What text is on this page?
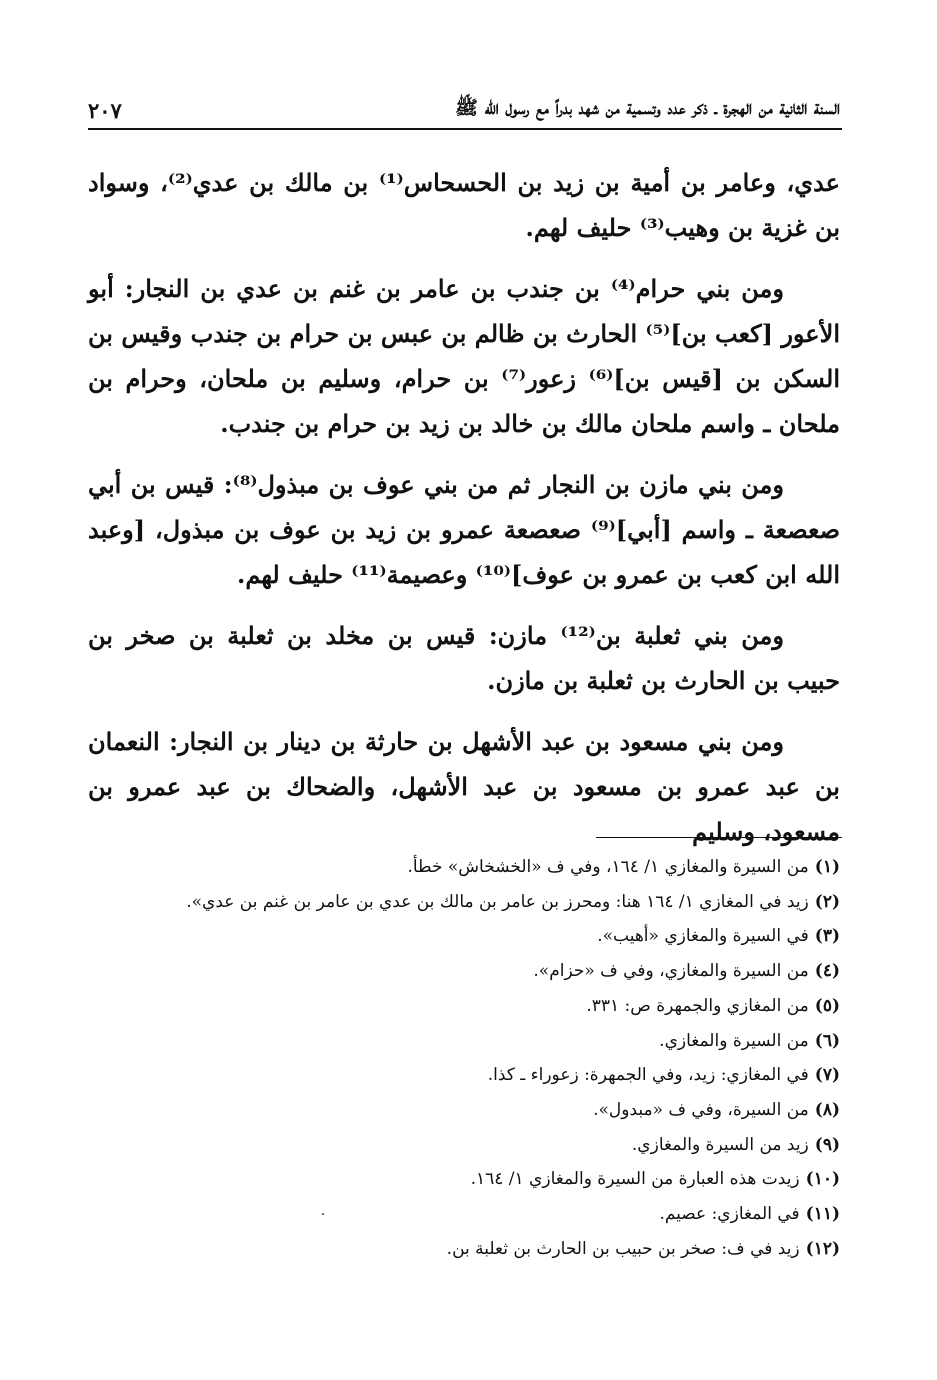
السنة الثانية من الهجرة ـ ذكر عدد وتسمية من شهد بدراً مع رسول الله ﷺ
٢٠٧

عدي، وعامر بن أمية بن زيد بن الحسحاس⁽¹⁾ بن مالك بن عدي⁽²⁾، وسواد بن غزية بن وهيب⁽³⁾ حليف لهم.

ومن بني حرام⁽⁴⁾ بن جندب بن عامر بن غنم بن عدي بن النجار: أبو الأعور [كعب بن]⁽⁵⁾ الحارث بن ظالم بن عبس بن حرام بن جندب وقيس بن السكن بن [قيس بن]⁽⁶⁾ زعور⁽⁷⁾ بن حرام، وسليم بن ملحان، وحرام بن ملحان ـ واسم ملحان مالك بن خالد بن زيد بن حرام بن جندب.

ومن بني مازن بن النجار ثم من بني عوف بن مبذول⁽⁸⁾: قيس بن أبي صعصعة ـ واسم [أبي]⁽⁹⁾ صعصعة عمرو بن زيد بن عوف بن مبذول، [وعبد الله ابن كعب بن عمرو بن عوف]⁽¹⁰⁾ وعصيمة⁽¹¹⁾ حليف لهم.

ومن بني ثعلبة بن⁽¹²⁾ مازن: قيس بن مخلد بن ثعلبة بن صخر بن حبيب بن الحارث بن ثعلبة بن مازن.

ومن بني مسعود بن عبد الأشهل بن حارثة بن دينار بن النجار: النعمان بن عبد عمرو بن مسعود بن عبد الأشهل، والضحاك بن عبد عمرو بن مسعود، وسليم

(١)من السيرة والمغازي ١/ ١٦٤، وفي ف «الخشخاش» خطأ.
(٢)زيد في المغازي ١/ ١٦٤ هنا: ومحرز بن عامر بن مالك بن عدي بن عامر بن غنم بن عدي».
(٣)في السيرة والمغازي «أهيب».
(٤)من السيرة والمغازي، وفي ف «حزام».
(٥)من المغازي والجمهرة ص: ٣٣١.
(٦)من السيرة والمغازي.
(٧)في المغازي: زيد، وفي الجمهرة: زعوراء ـ كذا.
(٨)من السيرة، وفي ف «مبدول».
(٩)زيد من السيرة والمغازي.
(١٠)زيدت هذه العبارة من السيرة والمغازي ١/ ١٦٤.
(١١)في المغازي: عصيم.
(١٢)زيد في ف: صخر بن حبيب بن الحارث بن ثعلبة بن.
